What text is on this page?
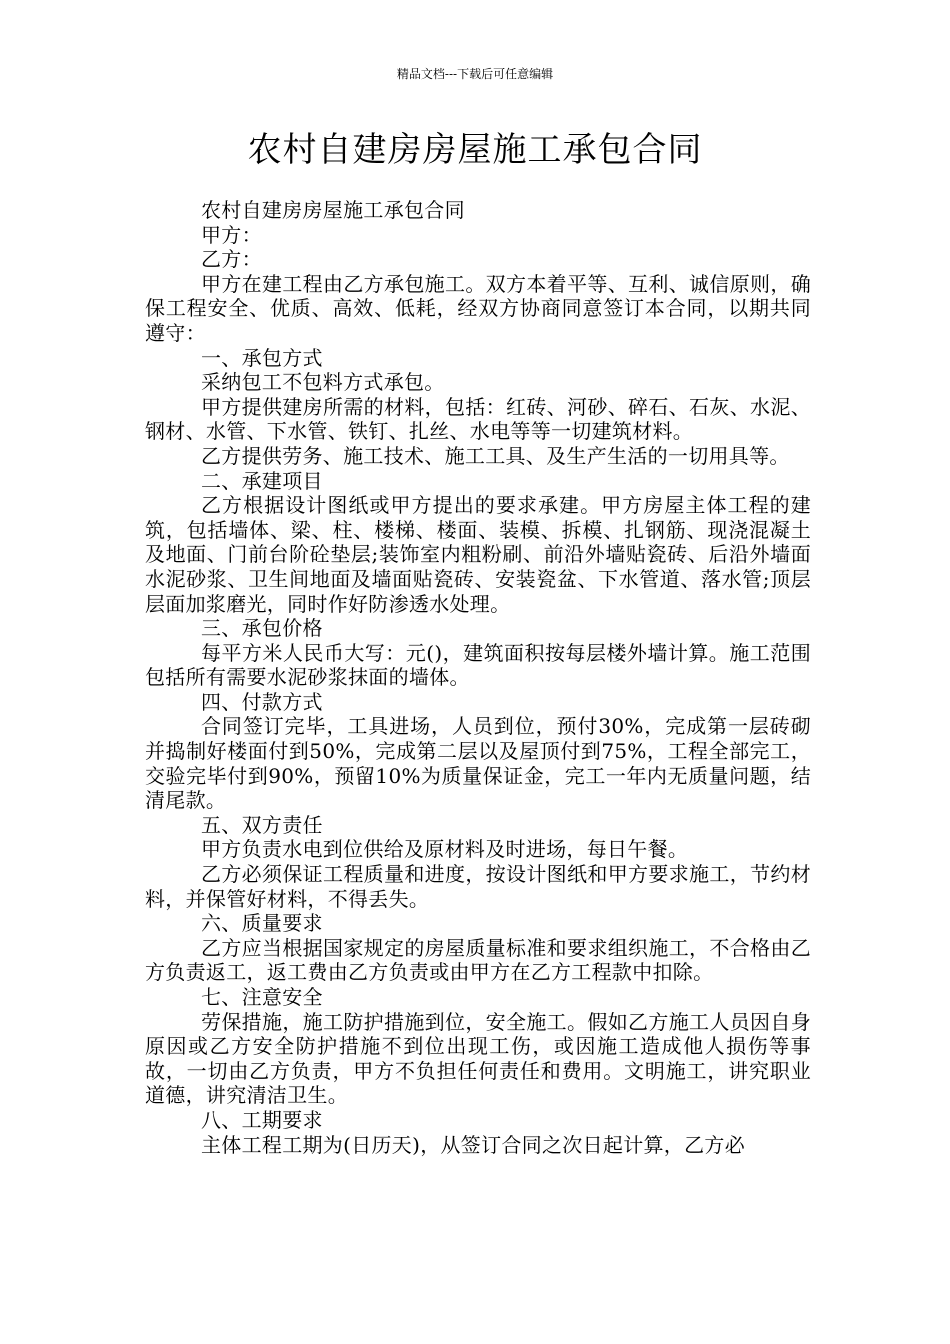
精品文档---下载后可任意编辑
农村自建房房屋施工承包合同

农村自建房房屋施工承包合同

甲方：

乙方：

甲方在建工程由乙方承包施工。双方本着平等、互利、诚信原则，确保工程安全、优质、高效、低耗，经双方协商同意签订本合同，以期共同遵守：

一、承包方式

采纳包工不包料方式承包。

甲方提供建房所需的材料，包括：红砖、河砂、碎石、石灰、水泥、钢材、水管、下水管、铁钉、扎丝、水电等等一切建筑材料。

乙方提供劳务、施工技术、施工工具、及生产生活的一切用具等。

二、承建项目

乙方根据设计图纸或甲方提出的要求承建。甲方房屋主体工程的建筑，包括墙体、梁、柱、楼梯、楼面、装模、拆模、扎钢筋、现浇混凝土及地面、门前台阶砼垫层;装饰室内粗粉刷、前沿外墙贴瓷砖、后沿外墙面水泥砂浆、卫生间地面及墙面贴瓷砖、安装瓷盆、下水管道、落水管;顶层层面加浆磨光，同时作好防渗透水处理。

三、承包价格

每平方米人民币大写：元()，建筑面积按每层楼外墙计算。施工范围包括所有需要水泥砂浆抹面的墙体。

四、付款方式

合同签订完毕，工具进场，人员到位，预付30%，完成第一层砖砌并捣制好楼面付到50%，完成第二层以及屋顶付到75%，工程全部完工，交验完毕付到90%，预留10%为质量保证金，完工一年内无质量问题，结清尾款。

五、双方责任

甲方负责水电到位供给及原材料及时进场，每日午餐。

乙方必须保证工程质量和进度，按设计图纸和甲方要求施工，节约材料，并保管好材料，不得丢失。

六、质量要求

乙方应当根据国家规定的房屋质量标准和要求组织施工，不合格由乙方负责返工，返工费由乙方负责或由甲方在乙方工程款中扣除。

七、注意安全

劳保措施，施工防护措施到位，安全施工。假如乙方施工人员因自身原因或乙方安全防护措施不到位出现工伤，或因施工造成他人损伤等事故，一切由乙方负责，甲方不负担任何责任和费用。文明施工，讲究职业道德，讲究清洁卫生。

八、工期要求

主体工程工期为(日历天)，从签订合同之次日起计算，乙方必
